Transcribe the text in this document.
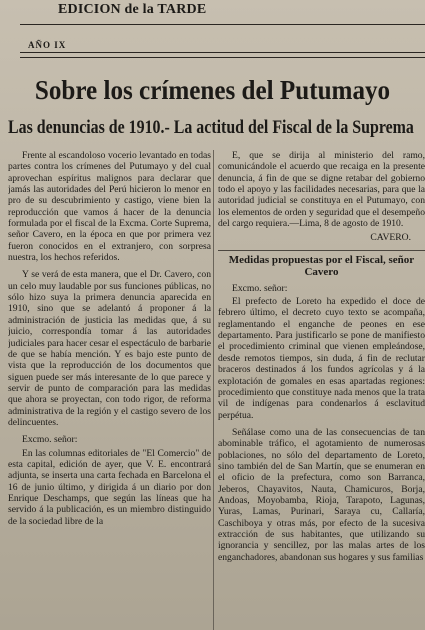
EDICION de la TARDE
AÑO IX
Sobre los crímenes del Putumayo
Las denuncias de 1910.- La actitud del Fiscal de la Suprema

Frente al escandoloso vocerio levantado en todas partes contra los crímenes del Putumayo y del cual aprovechan espíritus malignos para declarar que jamás las autoridades del Perú hicieron lo menor en pro de su descubrimiento y castigo, viene bien la reproducción que vamos á hacer de la denuncia formulada por el fiscal de la Excma. Corte Suprema, señor Cavero, en la época en que por primera vez fueron conocidos en el extranjero, con sorpresa nuestra, los hechos referidos.

Y se verá de esta manera, que el Dr. Cavero, con un celo muy laudable por sus funciones públicas, no sólo hizo suya la primera denuncia aparecida en 1910, sino que se adelantó á proponer á la administración de justicia las medidas que, á su juicio, correspondía tomar á las autoridades judiciales para hacer cesar el espectáculo de barbarie de que se había mención. Y es bajo este punto de vista que la reproducción de los documentos que siguen puede ser más interesante de lo que parece y servir de punto de comparación para las medidas que ahora se proyectan, con todo rigor, de reforma administrativa de la región y el castigo severo de los delincuentes.

Excmo. señor:

En las columnas editoriales de "El Comercio" de esta capital, edición de ayer, que V. E. encontrará adjunta, se inserta una carta fechada en Barcelona el 16 de junio último, y dirigida á un diario por don Enrique Deschamps, que según las líneas que ha servido á la publicación, es un miembro distinguido de la sociedad libre de la

E, que se dirija al ministerio del ramo, comunicándole el acuerdo que recaiga en la presente denuncia, á fin de que se digne retabar del gobierno todo el apoyo y las facilidades necesarias, para que la autoridad judicial se constituya en el Putumayo, con los elementos de orden y seguridad que el desempeño del cargo requiera.—Lima, 8 de agosto de 1910.

CAVERO.
Medidas propuestas por el Fiscal, señor Cavero
Excmo. señor:

El prefecto de Loreto ha expedido el doce de febrero último, el decreto cuyo texto se acompaña, reglamentando el enganche de peones en ese departamento. Para justificarlo se pone de manifiesto el procedimiento criminal que vienen empleándose, desde remotos tiempos, sin duda, á fin de reclutar braceros destinados á los fundos agrícolas y á la explotación de gomales en esas apartadas regiones: procedimiento que constituye nada menos que la trata vil de indígenas para condenarlos á esclavitud perpétua.

Señálase como una de las consecuencias de tan abominable tráfico, el agotamiento de numerosas poblaciones, no sólo del departamento de Loreto, sino también del de San Martín, que se enumeran en el oficio de la prefectura, como son Barranca, Jeberos, Chayavitos, Nauta, Chamicuros, Borja, Andoas, Moyobamba, Rioja, Tarapoto, Lagunas, Yuras, Lamas, Purinari, Saraya cu, Callaría, Caschiboya y otras más, por efecto de la sucesiva extracción de sus habitantes, que utilizando su ignorancia y sencillez, por las malas artes de los enganchadores, abandonan sus hogares y sus familias
